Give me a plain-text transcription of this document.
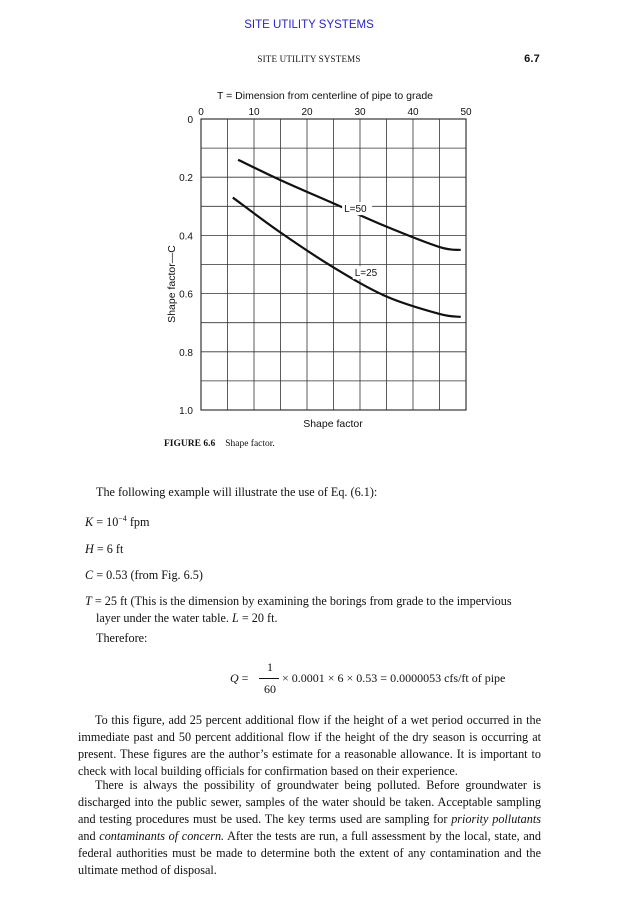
SITE UTILITY SYSTEMS
SITE UTILITY SYSTEMS	6.7
T = Dimension from centerline of pipe to grade
0	10	20	30	40	50
0
0.2
0.4
0.6
0.8
1.0
L=50
L=25
Shape factor
Shape factor—C
FIGURE 6.6 Shape factor.
The following example will illustrate the use of Eq. (6.1):
$K = 10^{-4}$ fpm
H = 6 ft
C = 0.53 (from Fig. 6.5)
T = 25 ft (This is the dimension by examining the borings from grade to the impervious
layer under the water table. L = 20 ft.
Therefore:
Q =
1
60
× 0.0001 × 6 × 0.53 = 0.0000053 cfs/ft of pipe
To this figure, add 25 percent additional flow if the height of a wet period occurred in the immediate past and 50 percent additional flow if the height of the dry season is occurring at present. These figures are the author’s estimate for a reasonable allowance. It is important to check with local building officials for confirmation based on their experience.
There is always the possibility of groundwater being polluted. Before groundwater is discharged into the public sewer, samples of the water should be taken. Acceptable sampling and testing procedures must be used. The key terms used are sampling for priority pollutants and contaminants of concern. After the tests are run, a full assessment by the local, state, and federal authorities must be made to determine both the extent of any contamination and the ultimate method of disposal.
